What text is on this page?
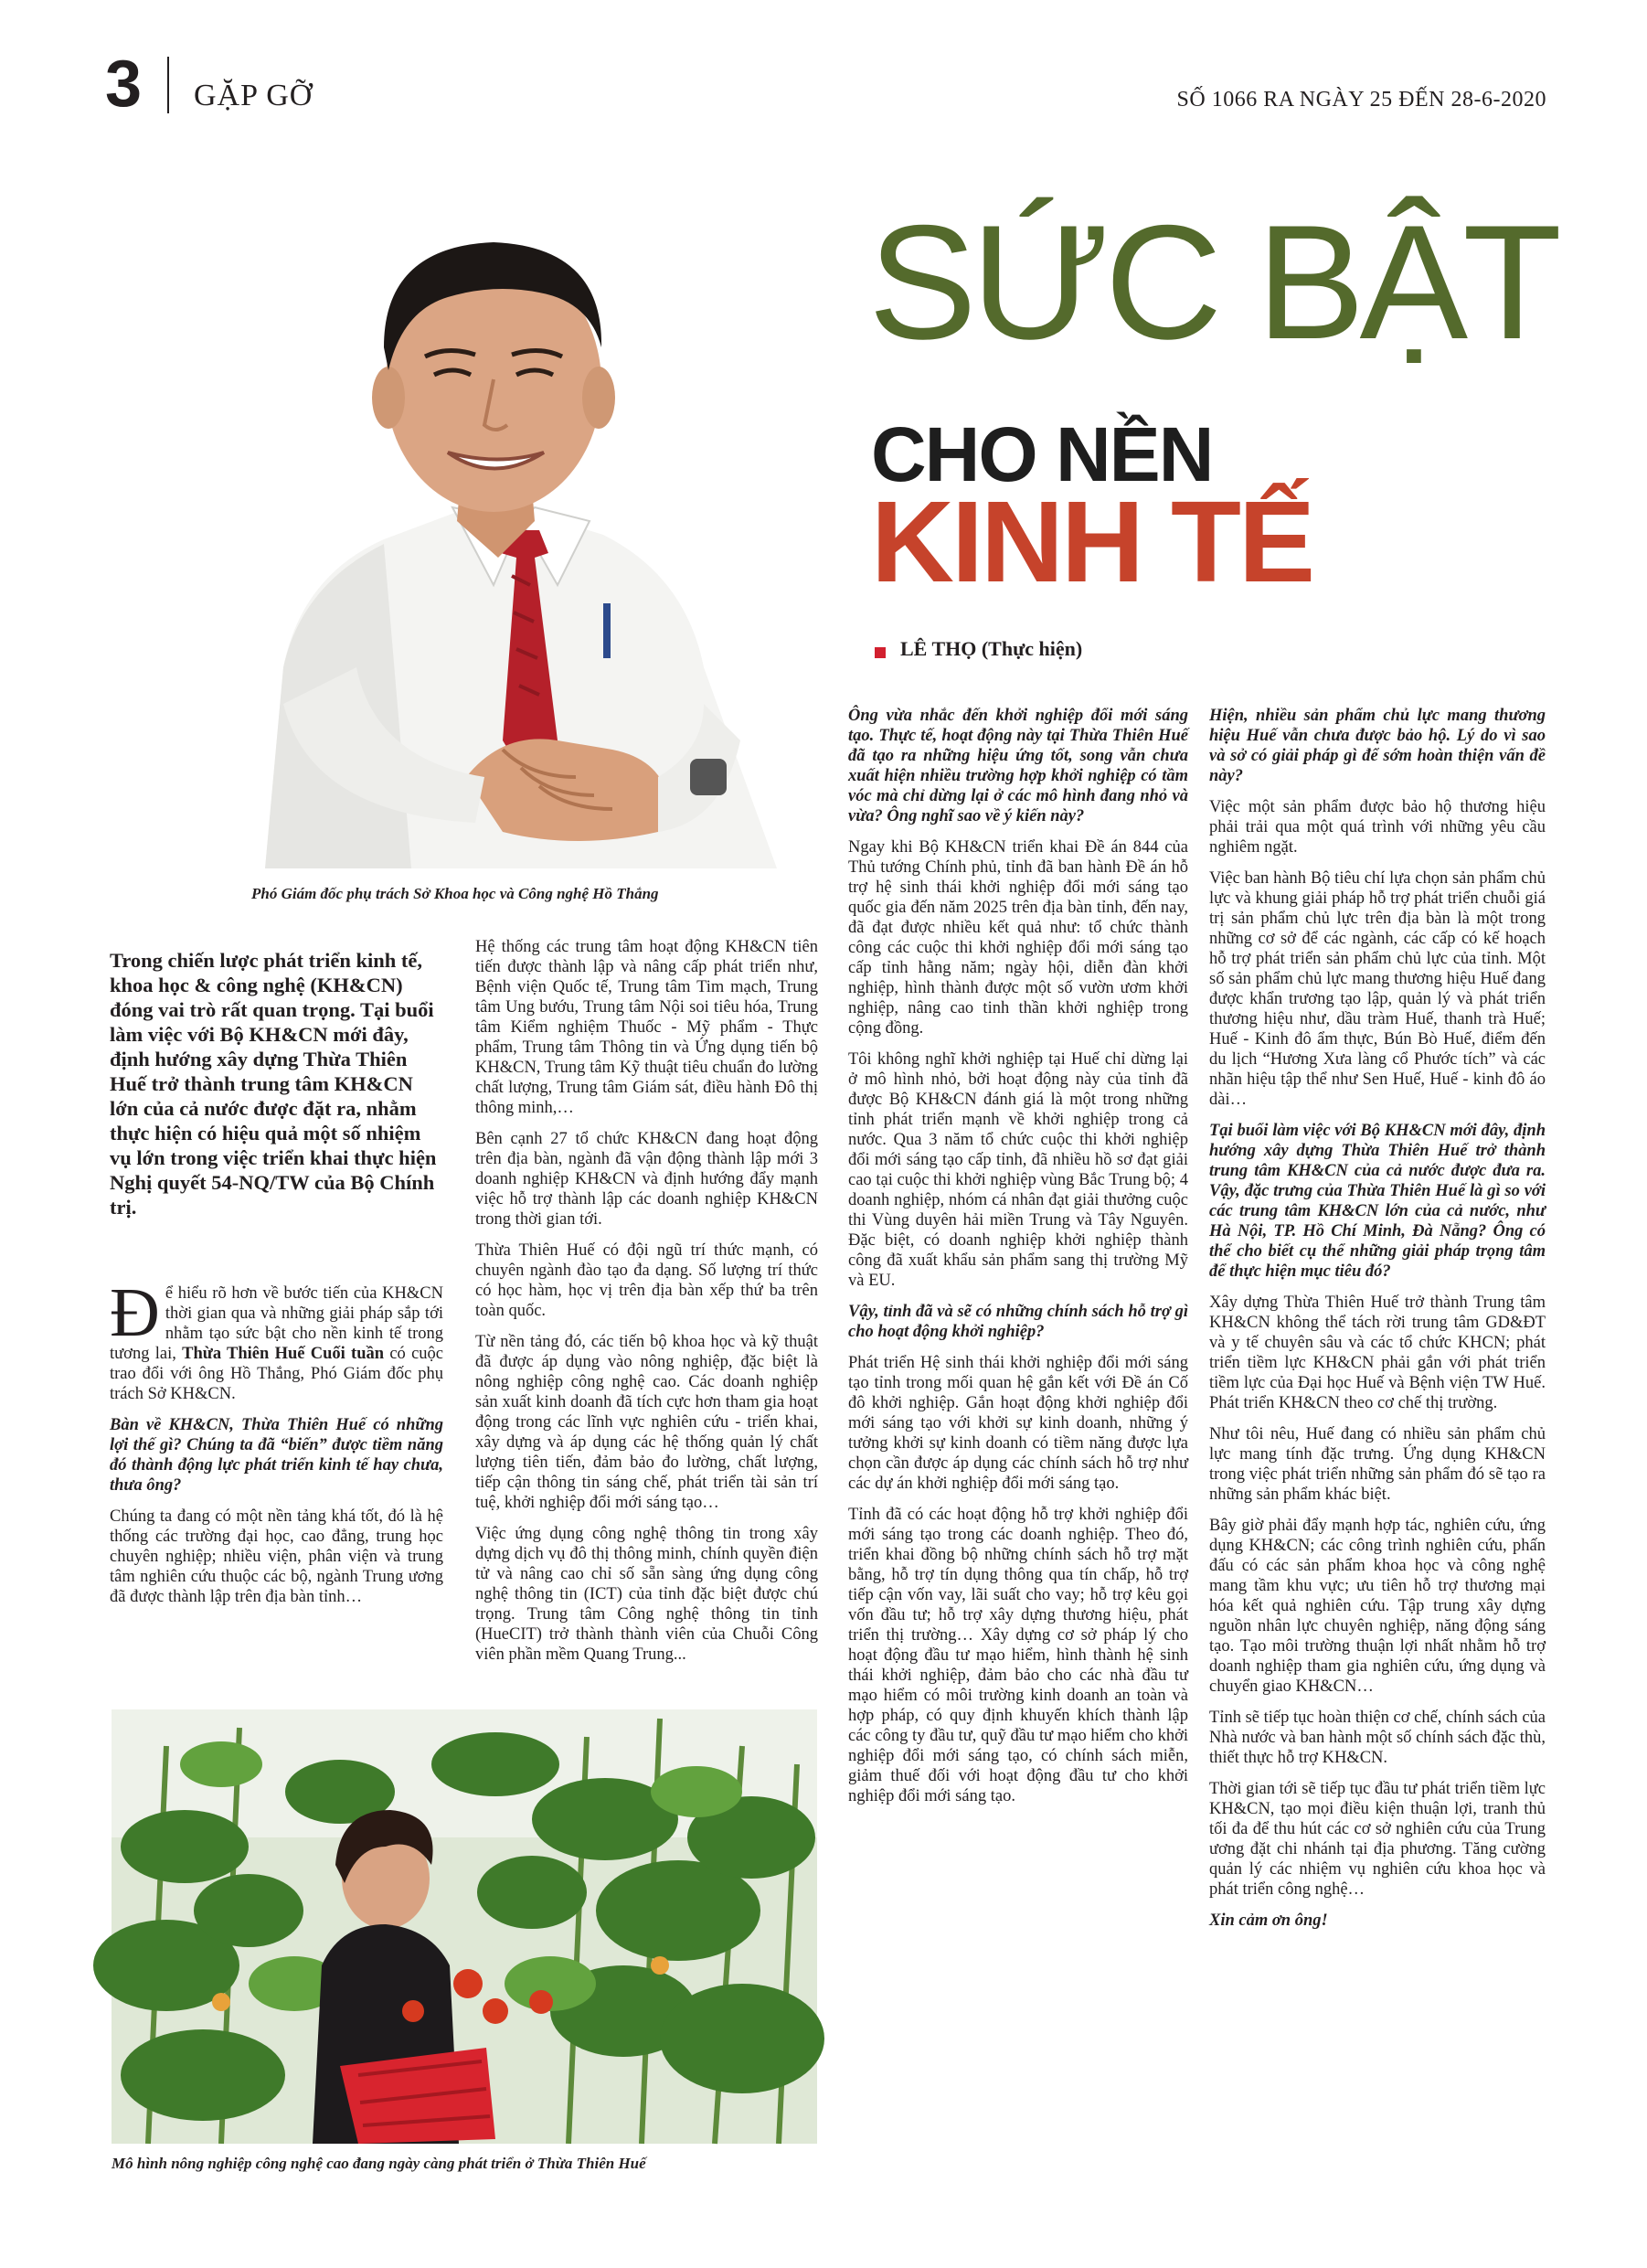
3 GẶP GỠ	SỐ 1066 RA NGÀY 25 ĐẾN 28-6-2020
SỨC BẬT
CHO NỀN
KINH TẾ
LÊ THỌ (Thực hiện)
Phó Giám đốc phụ trách Sở Khoa học và Công nghệ Hồ Thắng

Trong chiến lược phát triển kinh tế, khoa học & công nghệ (KH&CN) đóng vai trò rất quan trọng. Tại buổi làm việc với Bộ KH&CN mới đây, định hướng xây dựng Thừa Thiên Huế trở thành trung tâm KH&CN lớn của cả nước được đặt ra, nhằm thực hiện có hiệu quả một số nhiệm vụ lớn trong việc triển khai thực hiện Nghị quyết 54-NQ/TW của Bộ Chính trị.

Để hiểu rõ hơn về bước tiến của KH&CN thời gian qua và những giải pháp sắp tới nhằm tạo sức bật cho nền kinh tế trong tương lai, Thừa Thiên Huế Cuối tuần có cuộc trao đổi với ông Hồ Thắng, Phó Giám đốc phụ trách Sở KH&CN.

Bàn về KH&CN, Thừa Thiên Huế có những lợi thế gì? Chúng ta đã “biến” được tiềm năng đó thành động lực phát triển kinh tế hay chưa, thưa ông?

Chúng ta đang có một nền tảng khá tốt, đó là hệ thống các trường đại học, cao đẳng, trung học chuyên nghiệp; nhiều viện, phân viện và trung tâm nghiên cứu thuộc các bộ, ngành Trung ương đã được thành lập trên địa bàn tỉnh…

Hệ thống các trung tâm hoạt động KH&CN tiên tiến được thành lập và nâng cấp phát triển như, Bệnh viện Quốc tế, Trung tâm Tim mạch, Trung tâm Ung bướu, Trung tâm Nội soi tiêu hóa, Trung tâm Kiểm nghiệm Thuốc - Mỹ phẩm - Thực phẩm, Trung tâm Thông tin và Ứng dụng tiến bộ KH&CN, Trung tâm Kỹ thuật tiêu chuẩn đo lường chất lượng, Trung tâm Giám sát, điều hành Đô thị thông minh,…

Bên cạnh 27 tổ chức KH&CN đang hoạt động trên địa bàn, ngành đã vận động thành lập mới 3 doanh nghiệp KH&CN và định hướng đẩy mạnh việc hỗ trợ thành lập các doanh nghiệp KH&CN trong thời gian tới.

Thừa Thiên Huế có đội ngũ trí thức mạnh, có chuyên ngành đào tạo đa dạng. Số lượng trí thức có học hàm, học vị trên địa bàn xếp thứ ba trên toàn quốc.

Từ nền tảng đó, các tiến bộ khoa học và kỹ thuật đã được áp dụng vào nông nghiệp, đặc biệt là nông nghiệp công nghệ cao. Các doanh nghiệp sản xuất kinh doanh đã tích cực hơn tham gia hoạt động trong các lĩnh vực nghiên cứu - triển khai, xây dựng và áp dụng các hệ thống quản lý chất lượng tiên tiến, đảm bảo đo lường, chất lượng, tiếp cận thông tin sáng chế, phát triển tài sản trí tuệ, khởi nghiệp đổi mới sáng tạo…

Việc ứng dụng công nghệ thông tin trong xây dựng dịch vụ đô thị thông minh, chính quyền điện tử và nâng cao chỉ số sẵn sàng ứng dụng công nghệ thông tin (ICT) của tỉnh đặc biệt được chú trọng. Trung tâm Công nghệ thông tin tỉnh (HueCIT) trở thành thành viên của Chuỗi Công viên phần mềm Quang Trung...

Mô hình nông nghiệp công nghệ cao đang ngày càng phát triển ở Thừa Thiên Huế

Ông vừa nhắc đến khởi nghiệp đổi mới sáng tạo. Thực tế, hoạt động này tại Thừa Thiên Huế đã tạo ra những hiệu ứng tốt, song vẫn chưa xuất hiện nhiều trường hợp khởi nghiệp có tầm vóc mà chỉ dừng lại ở các mô hình đang nhỏ và vừa? Ông nghĩ sao về ý kiến này?

Ngay khi Bộ KH&CN triển khai Đề án 844 của Thủ tướng Chính phủ, tỉnh đã ban hành Đề án hỗ trợ hệ sinh thái khởi nghiệp đổi mới sáng tạo quốc gia đến năm 2025 trên địa bàn tỉnh, đến nay, đã đạt được nhiều kết quả như: tổ chức thành công các cuộc thi khởi nghiệp đổi mới sáng tạo cấp tỉnh hằng năm; ngày hội, diễn đàn khởi nghiệp, hình thành được một số vườn ươm khởi nghiệp, nâng cao tinh thần khởi nghiệp trong cộng đồng.

Tôi không nghĩ khởi nghiệp tại Huế chỉ dừng lại ở mô hình nhỏ, bởi hoạt động này của tỉnh đã được Bộ KH&CN đánh giá là một trong những tỉnh phát triển mạnh về khởi nghiệp trong cả nước. Qua 3 năm tổ chức cuộc thi khởi nghiệp đổi mới sáng tạo cấp tỉnh, đã nhiều hồ sơ đạt giải cao tại cuộc thi khởi nghiệp vùng Bắc Trung bộ; 4 doanh nghiệp, nhóm cá nhân đạt giải thưởng cuộc thi Vùng duyên hải miền Trung và Tây Nguyên. Đặc biệt, có doanh nghiệp khởi nghiệp thành công đã xuất khẩu sản phẩm sang thị trường Mỹ và EU.

Vậy, tỉnh đã và sẽ có những chính sách hỗ trợ gì cho hoạt động khởi nghiệp?

Phát triển Hệ sinh thái khởi nghiệp đổi mới sáng tạo tỉnh trong mối quan hệ gắn kết với Đề án Cố đô khởi nghiệp. Gắn hoạt động khởi nghiệp đổi mới sáng tạo với khởi sự kinh doanh, những ý tưởng khởi sự kinh doanh có tiềm năng được lựa chọn cần được áp dụng các chính sách hỗ trợ như các dự án khởi nghiệp đổi mới sáng tạo.

Tỉnh đã có các hoạt động hỗ trợ khởi nghiệp đổi mới sáng tạo trong các doanh nghiệp. Theo đó, triển khai đồng bộ những chính sách hỗ trợ mặt bằng, hỗ trợ tín dụng thông qua tín chấp, hỗ trợ tiếp cận vốn vay, lãi suất cho vay; hỗ trợ kêu gọi vốn đầu tư; hỗ trợ xây dựng thương hiệu, phát triển thị trường… Xây dựng cơ sở pháp lý cho hoạt động đầu tư mạo hiểm, hình thành hệ sinh thái khởi nghiệp, đảm bảo cho các nhà đầu tư mạo hiểm có môi trường kinh doanh an toàn và hợp pháp, có quy định khuyến khích thành lập các công ty đầu tư, quỹ đầu tư mạo hiểm cho khởi nghiệp đổi mới sáng tạo, có chính sách miễn, giảm thuế đối với hoạt động đầu tư cho khởi nghiệp đổi mới sáng tạo.

Hiện, nhiều sản phẩm chủ lực mang thương hiệu Huế vẫn chưa được bảo hộ. Lý do vì sao và sở có giải pháp gì để sớm hoàn thiện vấn đề này?

Việc một sản phẩm được bảo hộ thương hiệu phải trải qua một quá trình với những yêu cầu nghiêm ngặt.

Việc ban hành Bộ tiêu chí lựa chọn sản phẩm chủ lực và khung giải pháp hỗ trợ phát triển chuỗi giá trị sản phẩm chủ lực trên địa bàn là một trong những cơ sở để các ngành, các cấp có kế hoạch hỗ trợ phát triển sản phẩm chủ lực của tỉnh. Một số sản phẩm chủ lực mang thương hiệu Huế đang được khẩn trương tạo lập, quản lý và phát triển thương hiệu như, dầu tràm Huế, thanh trà Huế; Huế - Kinh đô ẩm thực, Bún Bò Huế, điểm đến du lịch “Hương Xưa làng cổ Phước tích” và các nhãn hiệu tập thể như Sen Huế, Huế - kinh đô áo dài…

Tại buổi làm việc với Bộ KH&CN mới đây, định hướng xây dựng Thừa Thiên Huế trở thành trung tâm KH&CN của cả nước được đưa ra. Vậy, đặc trưng của Thừa Thiên Huế là gì so với các trung tâm KH&CN lớn của cả nước, như Hà Nội, TP. Hồ Chí Minh, Đà Nẵng? Ông có thể cho biết cụ thể những giải pháp trọng tâm để thực hiện mục tiêu đó?

Xây dựng Thừa Thiên Huế trở thành Trung tâm KH&CN không thể tách rời trung tâm GD&ĐT và y tế chuyên sâu và các tổ chức KHCN; phát triển tiềm lực KH&CN phải gắn với phát triển tiềm lực của Đại học Huế và Bệnh viện TW Huế. Phát triển KH&CN theo cơ chế thị trường.

Như tôi nêu, Huế đang có nhiều sản phẩm chủ lực mang tính đặc trưng. Ứng dụng KH&CN trong việc phát triển những sản phẩm đó sẽ tạo ra những sản phẩm khác biệt.

Bây giờ phải đẩy mạnh hợp tác, nghiên cứu, ứng dụng KH&CN; các công trình nghiên cứu, phấn đấu có các sản phẩm khoa học và công nghệ mang tầm khu vực; ưu tiên hỗ trợ thương mại hóa kết quả nghiên cứu. Tập trung xây dựng nguồn nhân lực chuyên nghiệp, năng động sáng tạo. Tạo môi trường thuận lợi nhất nhằm hỗ trợ doanh nghiệp tham gia nghiên cứu, ứng dụng và chuyển giao KH&CN…

Tỉnh sẽ tiếp tục hoàn thiện cơ chế, chính sách của Nhà nước và ban hành một số chính sách đặc thù, thiết thực hỗ trợ KH&CN.

Thời gian tới sẽ tiếp tục đầu tư phát triển tiềm lực KH&CN, tạo mọi điều kiện thuận lợi, tranh thủ tối đa để thu hút các cơ sở nghiên cứu của Trung ương đặt chi nhánh tại địa phương. Tăng cường quản lý các nhiệm vụ nghiên cứu khoa học và phát triển công nghệ…

Xin cảm ơn ông!
